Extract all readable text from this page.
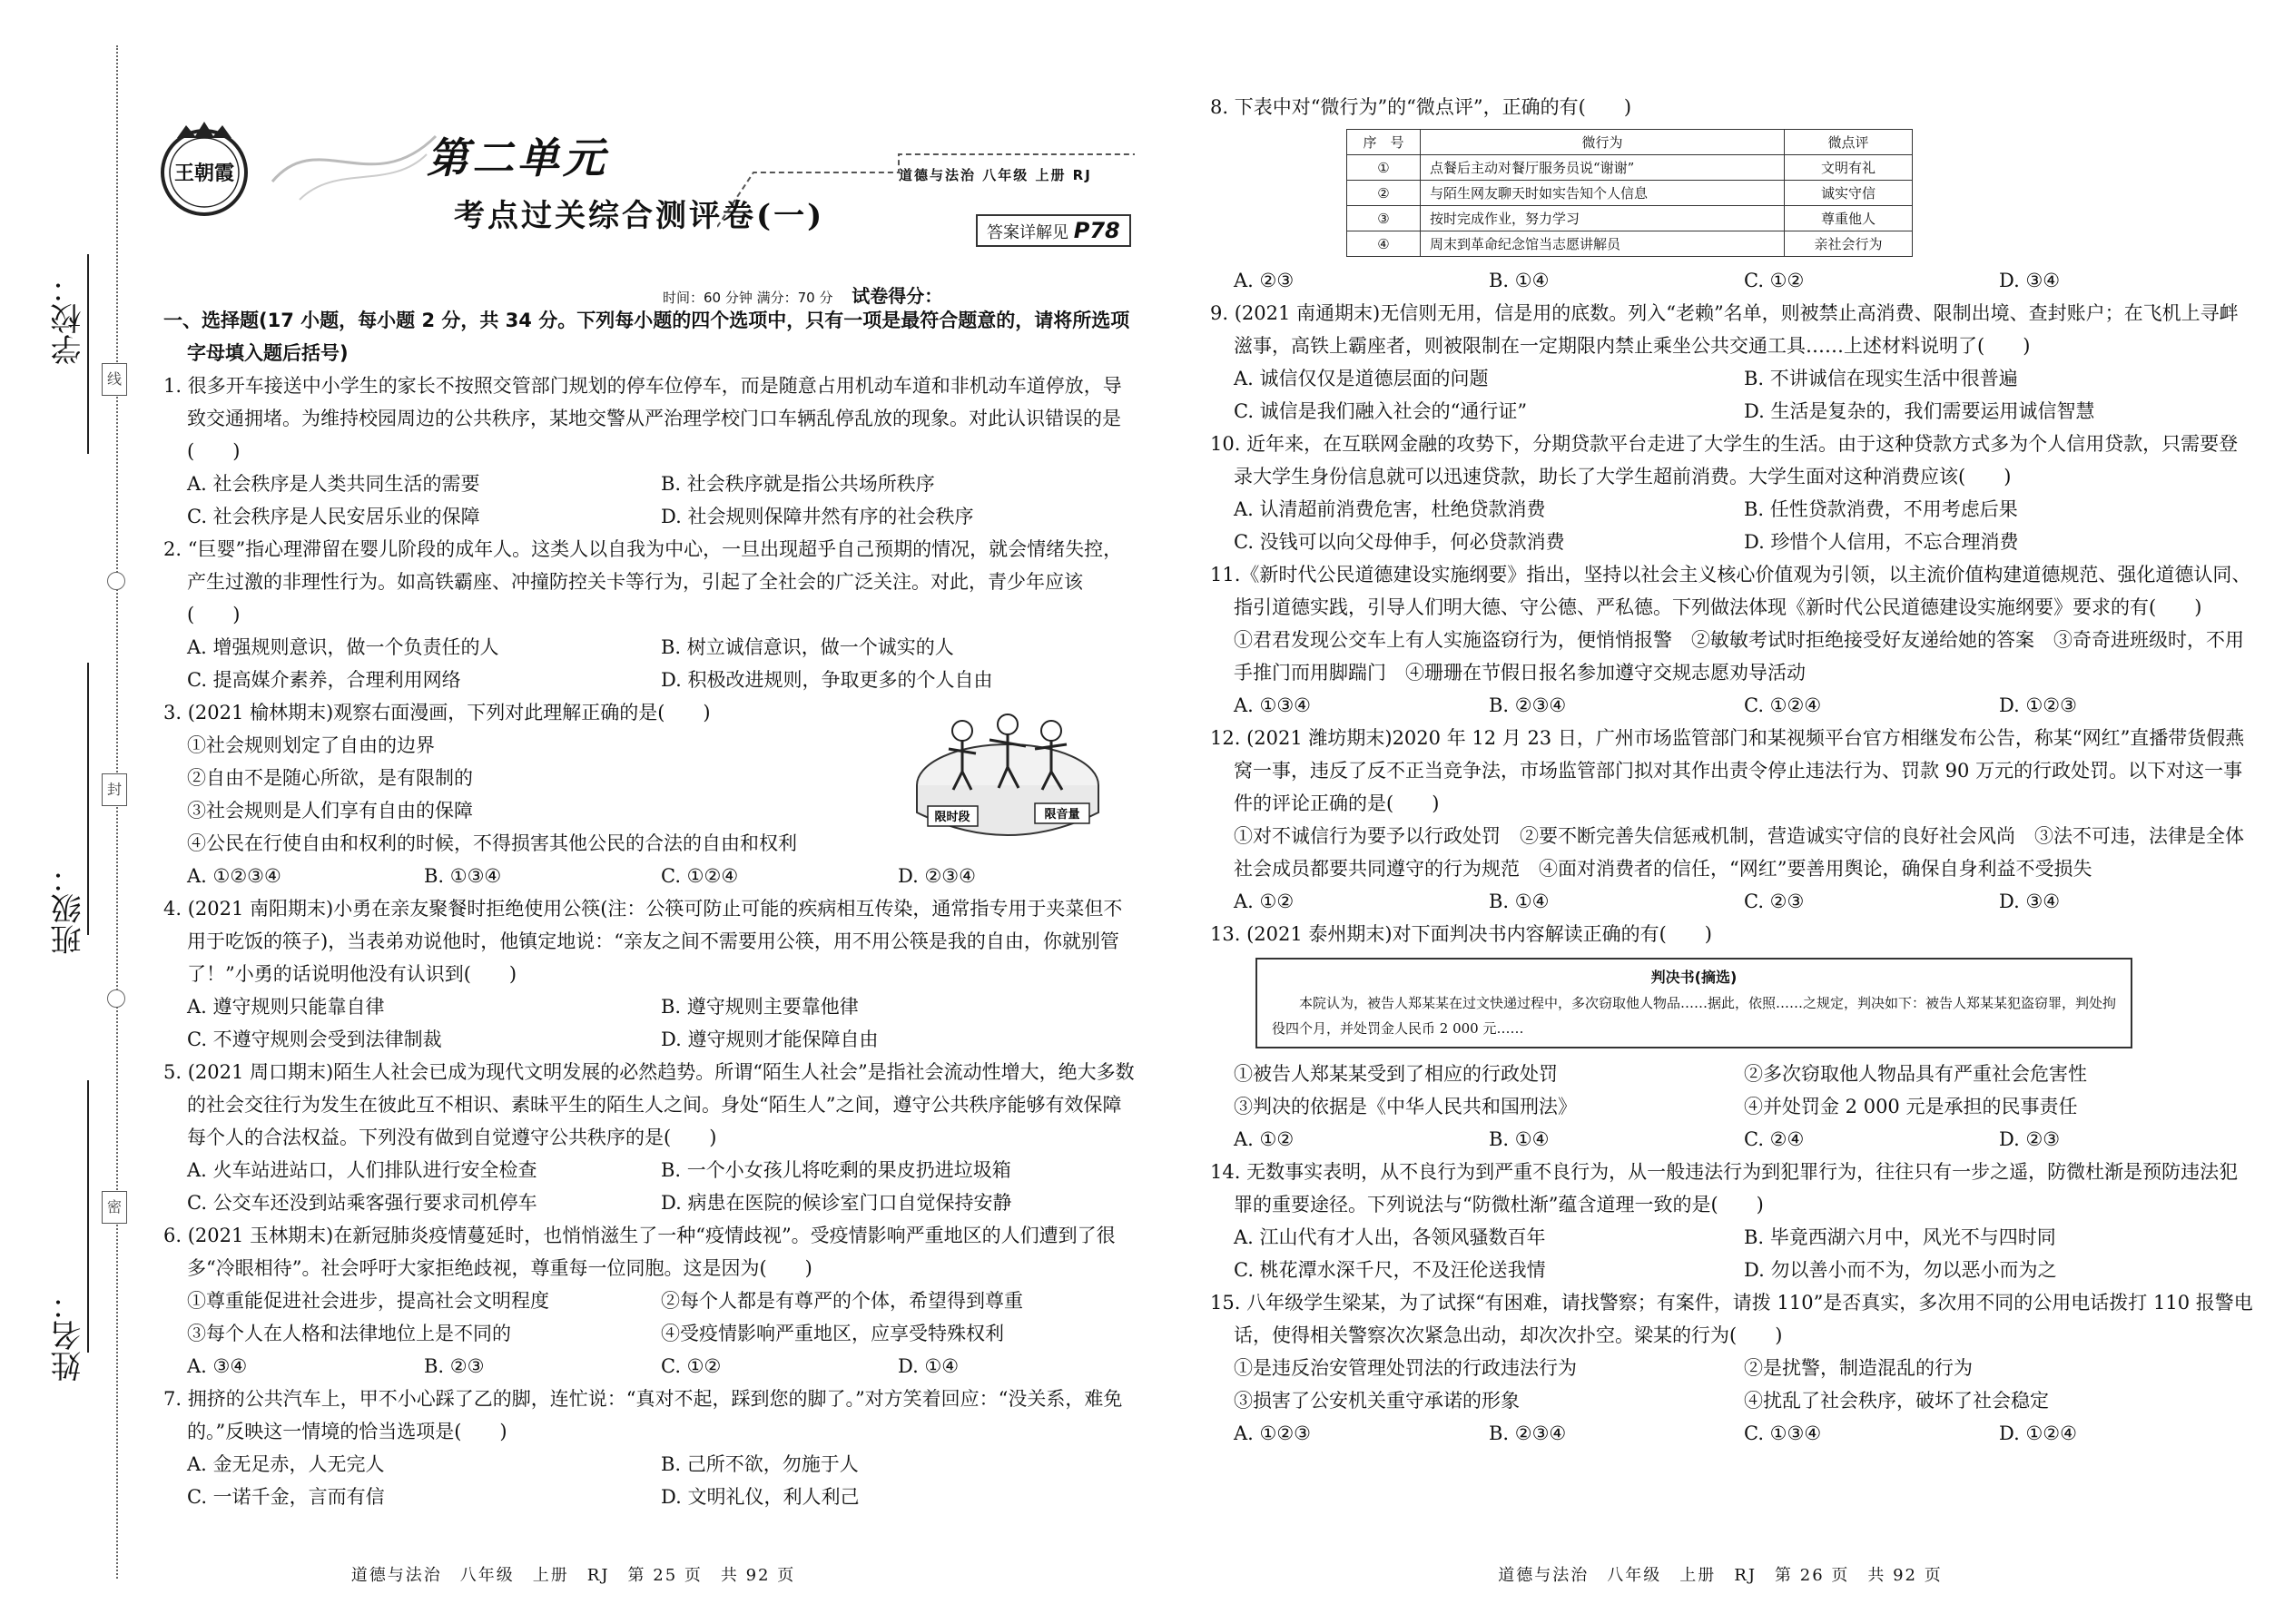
学校：
线
班级：
封
姓名：
密
王朝霞	第二单元
考点过关综合测评卷(一)
道德与法治 八年级 上册 RJ
答案详解见 P78
时间：60 分钟 满分：70 分 试卷得分：
一、选择题(17 小题，每小题 2 分，共 34 分。下列每小题的四个选项中，只有一项是最符合题意的，请将所选项字母填入题后括号)
1. 很多开车接送中小学生的家长不按照交管部门规划的停车位停车，而是随意占用机动车道和非机动车道停放，导致交通拥堵。为维持校园周边的公共秩序，某地交警从严治理学校门口车辆乱停乱放的现象。对此认识错误的是(　　)
A. 社会秩序是人类共同生活的需要	B. 社会秩序就是指公共场所秩序
C. 社会秩序是人民安居乐业的保障	D. 社会规则保障井然有序的社会秩序
2. “巨婴”指心理滞留在婴儿阶段的成年人。这类人以自我为中心，一旦出现超乎自己预期的情况，就会情绪失控，产生过激的非理性行为。如高铁霸座、冲撞防控关卡等行为，引起了全社会的广泛关注。对此，青少年应该(　　)
A. 增强规则意识，做一个负责任的人	B. 树立诚信意识，做一个诚实的人
C. 提高媒介素养，合理利用网络	D. 积极改进规则，争取更多的个人自由
3. (2021 榆林期末)观察右面漫画，下列对此理解正确的是(　　)
①社会规则划定了自由的边界
②自由不是随心所欲，是有限制的
③社会规则是人们享有自由的保障
④公民在行使自由和权利的时候，不得损害其他公民的合法的自由和权利
A. ①②③④	B. ①③④	C. ①②④	D. ②③④
4. (2021 南阳期末)小勇在亲友聚餐时拒绝使用公筷(注：公筷可防止可能的疾病相互传染，通常指专用于夹菜但不用于吃饭的筷子)，当表弟劝说他时，他镇定地说：“亲友之间不需要用公筷，用不用公筷是我的自由，你就别管了！”小勇的话说明他没有认识到(　　)
A. 遵守规则只能靠自律	B. 遵守规则主要靠他律
C. 不遵守规则会受到法律制裁	D. 遵守规则才能保障自由
5. (2021 周口期末)陌生人社会已成为现代文明发展的必然趋势。所谓“陌生人社会”是指社会流动性增大，绝大多数的社会交往行为发生在彼此互不相识、素昧平生的陌生人之间。身处“陌生人”之间，遵守公共秩序能够有效保障每个人的合法权益。下列没有做到自觉遵守公共秩序的是(　　)
A. 火车站进站口，人们排队进行安全检查	B. 一个小女孩儿将吃剩的果皮扔进垃圾箱
C. 公交车还没到站乘客强行要求司机停车	D. 病患在医院的候诊室门口自觉保持安静
6. (2021 玉林期末)在新冠肺炎疫情蔓延时，也悄悄滋生了一种“疫情歧视”。受疫情影响严重地区的人们遭到了很多“冷眼相待”。社会呼吁大家拒绝歧视，尊重每一位同胞。这是因为(　　)
①尊重能促进社会进步，提高社会文明程度	②每个人都是有尊严的个体，希望得到尊重
③每个人在人格和法律地位上是不同的	④受疫情影响严重地区，应享受特殊权利
A. ③④	B. ②③	C. ①②	D. ①④
7. 拥挤的公共汽车上，甲不小心踩了乙的脚，连忙说：“真对不起，踩到您的脚了。”对方笑着回应：“没关系，难免的。”反映这一情境的恰当选项是(　　)
A. 金无足赤，人无完人	B. 己所不欲，勿施于人
C. 一诺千金，言而有信	D. 文明礼仪，利人利己
限时段	限音量
道德与法治　八年级　上册　RJ　第 25 页　共 92 页
8. 下表中对“微行为”的“微点评”，正确的有(　　)
序　号	微行为	微点评
①	点餐后主动对餐厅服务员说“谢谢”	文明有礼
②	与陌生网友聊天时如实告知个人信息	诚实守信
③	按时完成作业，努力学习	尊重他人
④	周末到革命纪念馆当志愿讲解员	亲社会行为
A. ②③	B. ①④	C. ①②	D. ③④
9. (2021 南通期末)无信则无用，信是用的底数。列入“老赖”名单，则被禁止高消费、限制出境、查封账户；在飞机上寻衅滋事，高铁上霸座者，则被限制在一定期限内禁止乘坐公共交通工具……上述材料说明了(　　)
A. 诚信仅仅是道德层面的问题	B. 不讲诚信在现实生活中很普遍
C. 诚信是我们融入社会的“通行证”	D. 生活是复杂的，我们需要运用诚信智慧
10. 近年来，在互联网金融的攻势下，分期贷款平台走进了大学生的生活。由于这种贷款方式多为个人信用贷款，只需要登录大学生身份信息就可以迅速贷款，助长了大学生超前消费。大学生面对这种消费应该(　　)
A. 认清超前消费危害，杜绝贷款消费	B. 任性贷款消费，不用考虑后果
C. 没钱可以向父母伸手，何必贷款消费	D. 珍惜个人信用，不忘合理消费
11.《新时代公民道德建设实施纲要》指出，坚持以社会主义核心价值观为引领，以主流价值构建道德规范、强化道德认同、指引道德实践，引导人们明大德、守公德、严私德。下列做法体现《新时代公民道德建设实施纲要》要求的有(　　)
①君君发现公交车上有人实施盗窃行为，便悄悄报警　②敏敏考试时拒绝接受好友递给她的答案　③奇奇进班级时，不用手推门而用脚踹门　④珊珊在节假日报名参加遵守交规志愿劝导活动
A. ①③④	B. ②③④	C. ①②④	D. ①②③
12. (2021 潍坊期末)2020 年 12 月 23 日，广州市场监管部门和某视频平台官方相继发布公告，称某“网红”直播带货假燕窝一事，违反了反不正当竞争法，市场监管部门拟对其作出责令停止违法行为、罚款 90 万元的行政处罚。以下对这一事件的评论正确的是(　　)
①对不诚信行为要予以行政处罚　②要不断完善失信惩戒机制，营造诚实守信的良好社会风尚　③法不可违，法律是全体社会成员都要共同遵守的行为规范　④面对消费者的信任，“网红”要善用舆论，确保自身利益不受损失
A. ①②	B. ①④	C. ②③	D. ③④
13. (2021 泰州期末)对下面判决书内容解读正确的有(　　)
判决书(摘选)
本院认为，被告人郑某某在过文快递过程中，多次窃取他人物品……据此，依照……之规定，判决如下：被告人郑某某犯盗窃罪，判处拘役四个月，并处罚金人民币 2 000 元……
①被告人郑某某受到了相应的行政处罚	②多次窃取他人物品具有严重社会危害性
③判决的依据是《中华人民共和国刑法》	④并处罚金 2 000 元是承担的民事责任
A. ①②	B. ①④	C. ②④	D. ②③
14. 无数事实表明，从不良行为到严重不良行为，从一般违法行为到犯罪行为，往往只有一步之遥，防微杜渐是预防违法犯罪的重要途径。下列说法与“防微杜渐”蕴含道理一致的是(　　)
A. 江山代有才人出，各领风骚数百年	B. 毕竟西湖六月中，风光不与四时同
C. 桃花潭水深千尺，不及汪伦送我情	D. 勿以善小而不为，勿以恶小而为之
15. 八年级学生梁某，为了试探“有困难，请找警察；有案件，请拨 110”是否真实，多次用不同的公用电话拨打 110 报警电话，使得相关警察次次紧急出动，却次次扑空。梁某的行为(　　)
①是违反治安管理处罚法的行政违法行为	②是扰警，制造混乱的行为
③损害了公安机关重守承诺的形象	④扰乱了社会秩序，破坏了社会稳定
A. ①②③	B. ②③④	C. ①③④	D. ①②④
道德与法治　八年级　上册　RJ　第 26 页　共 92 页
